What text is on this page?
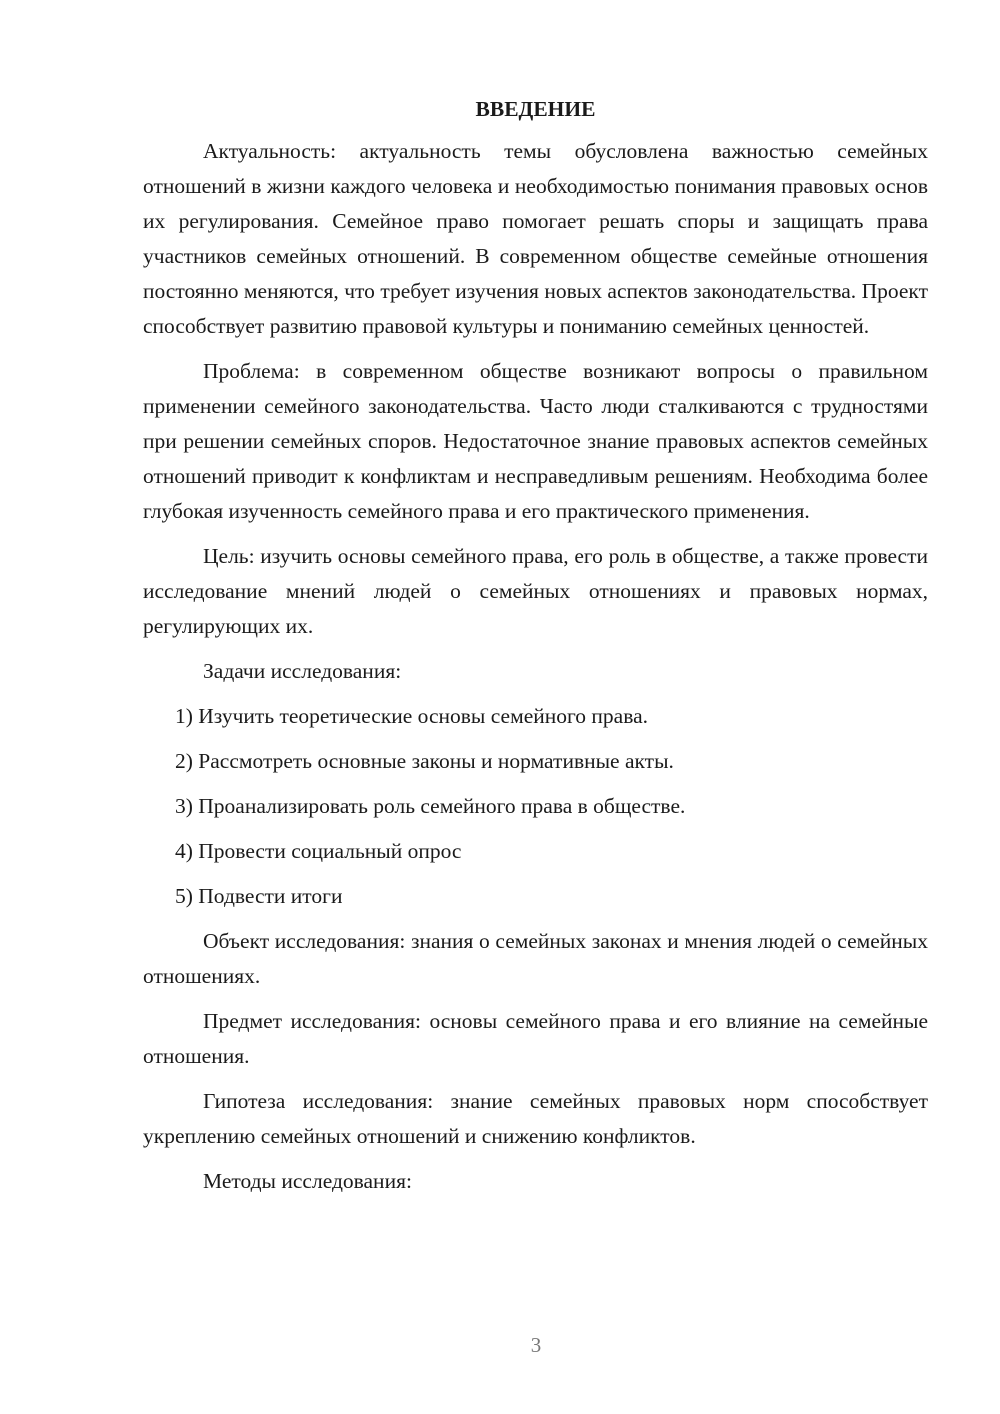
ВВЕДЕНИЕ

Актуальность: актуальность темы обусловлена важностью семейных отношений в жизни каждого человека и необходимостью понимания правовых основ их регулирования. Семейное право помогает решать споры и защищать права участников семейных отношений. В современном обществе семейные отношения постоянно меняются, что требует изучения новых аспектов законодательства. Проект способствует развитию правовой культуры и пониманию семейных ценностей.

Проблема: в современном обществе возникают вопросы о правильном применении семейного законодательства. Часто люди сталкиваются с трудностями при решении семейных споров. Недостаточное знание правовых аспектов семейных отношений приводит к конфликтам и несправедливым решениям. Необходима более глубокая изученность семейного права и его практического применения.

Цель: изучить основы семейного права, его роль в обществе, а также провести исследование мнений людей о семейных отношениях и правовых нормах, регулирующих их.

Задачи исследования:

1) Изучить теоретические основы семейного права.
2) Рассмотреть основные законы и нормативные акты.
3) Проанализировать роль семейного права в обществе.
4) Провести социальный опрос
5) Подвести итоги

Объект исследования: знания о семейных законах и мнения людей о семейных отношениях.

Предмет исследования: основы семейного права и его влияние на семейные отношения.

Гипотеза исследования: знание семейных правовых норм способствует укреплению семейных отношений и снижению конфликтов.

Методы исследования:

3
